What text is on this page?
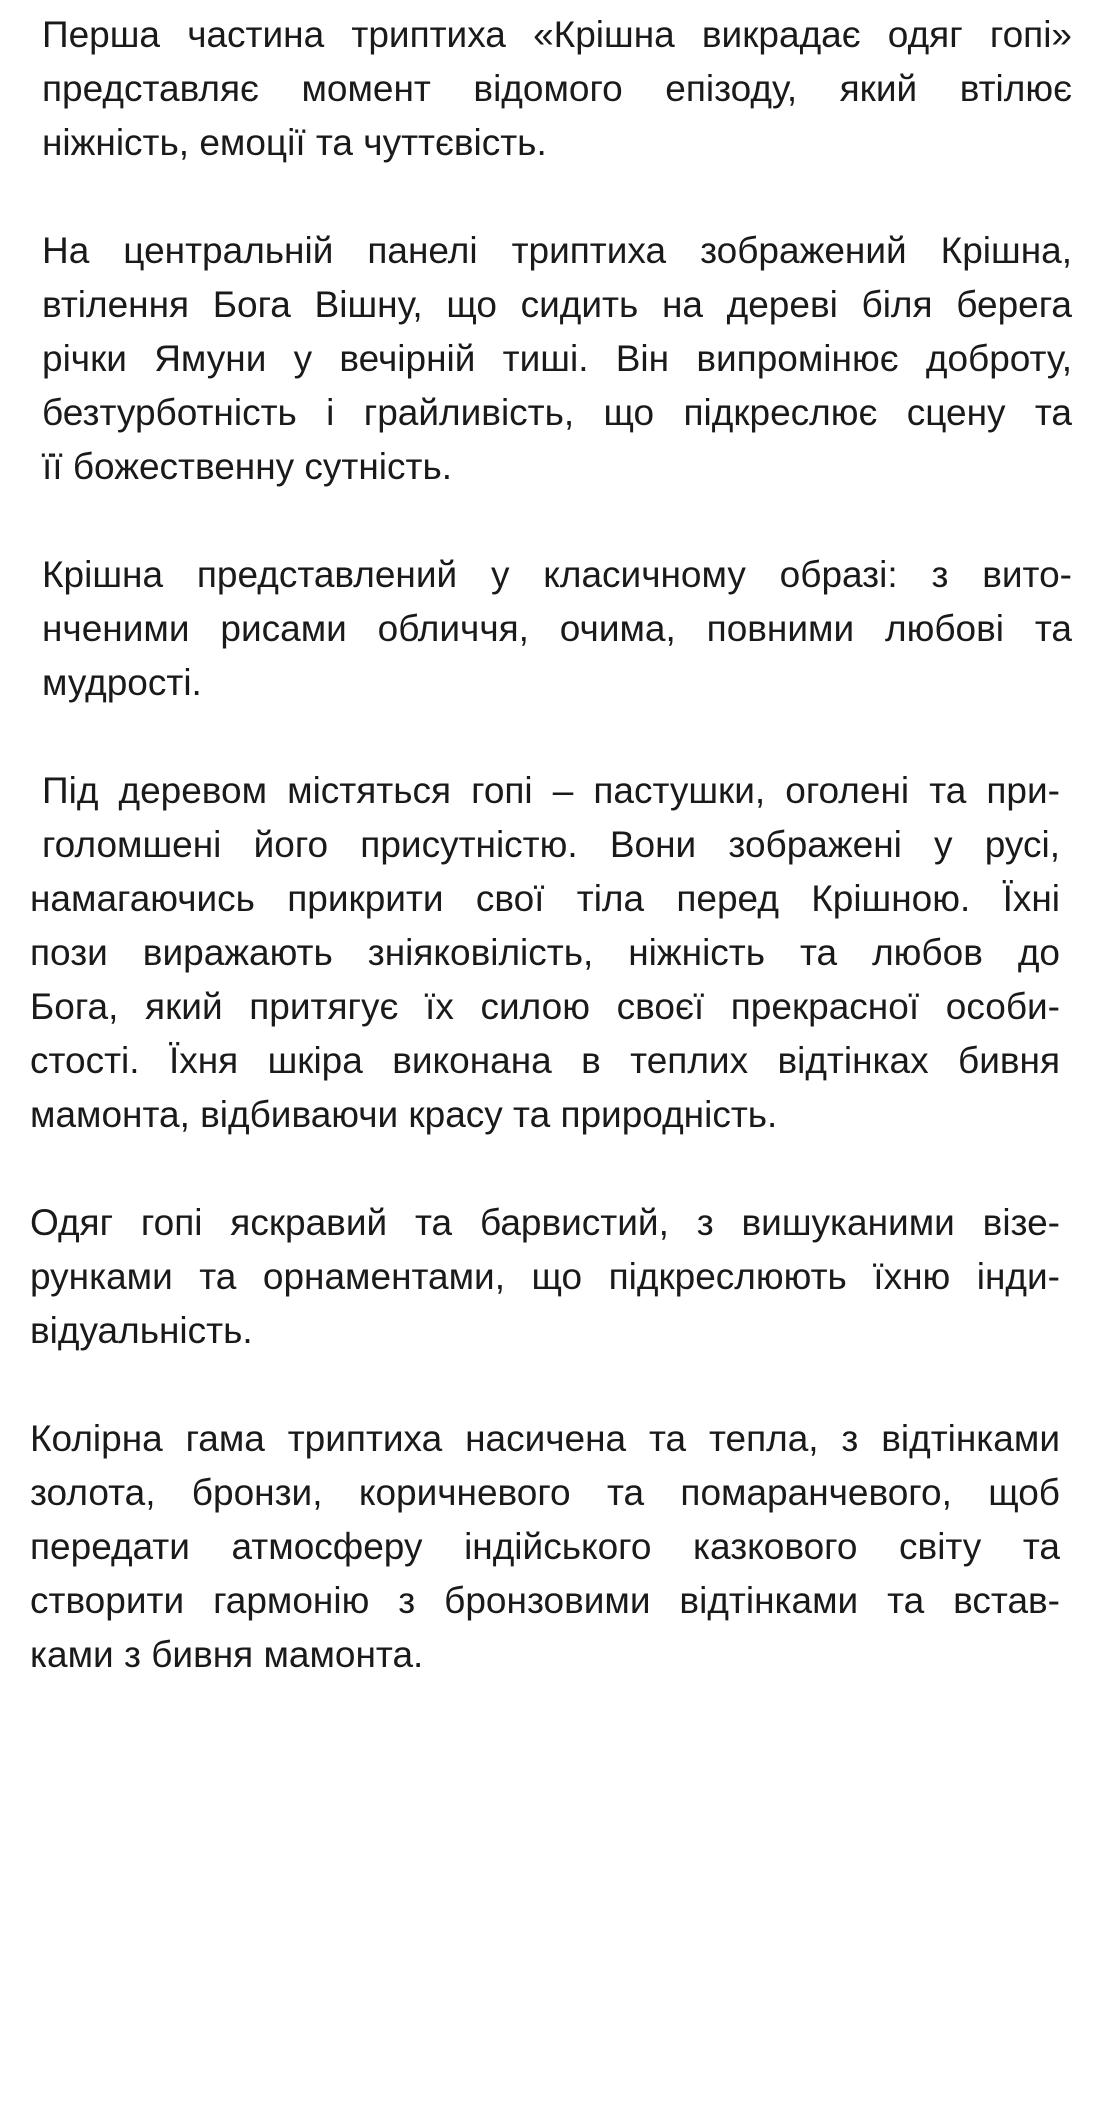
Перша частина триптиха «Крішна викрадає одяг гопі»
представляє момент відомого епізоду, який втілює
ніжність, емоції та чуттєвість.
На центральній панелі триптиха зображений Крішна,
втілення Бога Вішну, що сидить на дереві біля берега
річки Ямуни у вечірній тиші. Він випромінює доброту,
безтурботність і грайливість, що підкреслює сцену та
її божественну сутність.
Крішна представлений у класичному образі: з вито-
нченими рисами обличчя, очима, повними любові та
мудрості.
Під деревом містяться гопі – пастушки, оголені та при-
голомшені його присутністю. Вони зображені у русі,
намагаючись прикрити свої тіла перед Крішною. Їхні
пози виражають зніяковілість, ніжність та любов до
Бога, який притягує їх силою своєї прекрасної особи-
стості. Їхня шкіра виконана в теплих відтінках бивня
мамонта, відбиваючи красу та природність.
Одяг гопі яскравий та барвистий, з вишуканими візе-
рунками та орнаментами, що підкреслюють їхню інди-
відуальність.
Колірна гама триптиха насичена та тепла, з відтінками
золота, бронзи, коричневого та помаранчевого, щоб
передати атмосферу індійського казкового світу та
створити гармонію з бронзовими відтінками та встав-
ками з бивня мамонта.
